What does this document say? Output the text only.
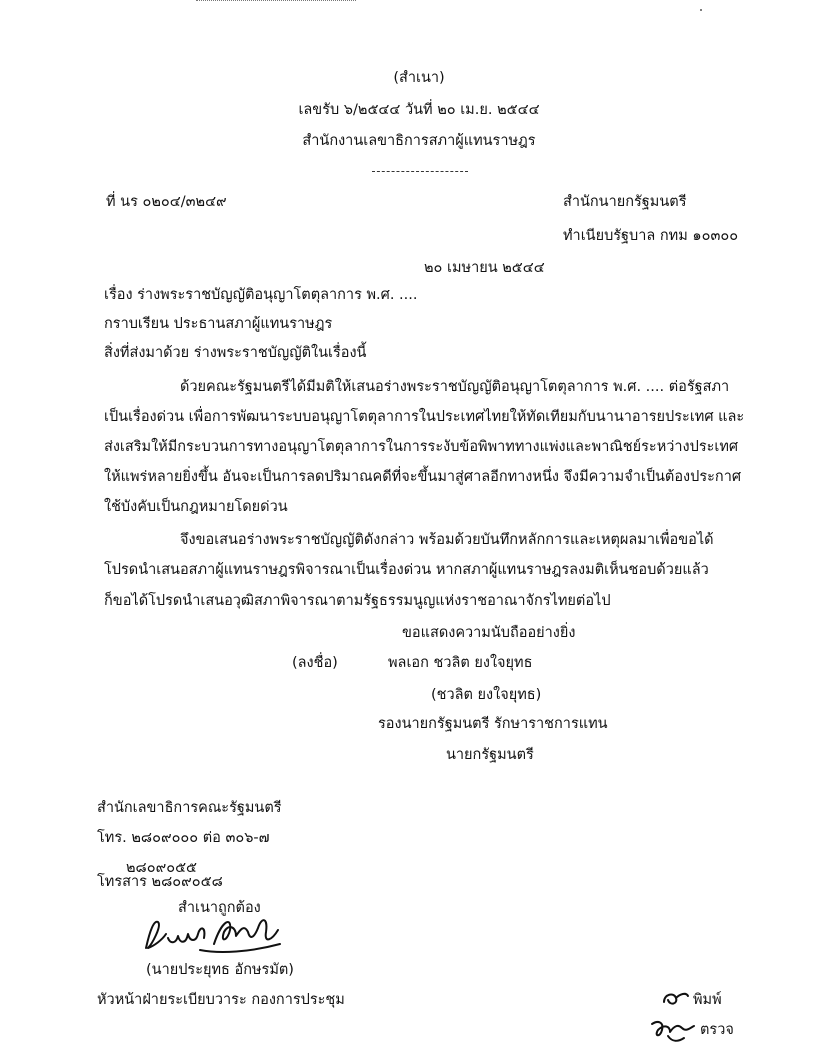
(สำเนา)
เลขรับ ๖/๒๕๔๔ วันที่ ๒๐ เม.ย. ๒๕๔๔
สำนักงานเลขาธิการสภาผู้แทนราษฎร
ที่ นร ๐๒๐๔/๓๒๔๙	สำนักนายกรัฐมนตรี
ทำเนียบรัฐบาล กทม ๑๐๓๐๐
๒๐ เมษายน ๒๕๔๔
เรื่อง ร่างพระราชบัญญัติอนุญาโตตุลาการ พ.ศ. ....
กราบเรียน ประธานสภาผู้แทนราษฎร
สิ่งที่ส่งมาด้วย ร่างพระราชบัญญัติในเรื่องนี้
ด้วยคณะรัฐมนตรีได้มีมติให้เสนอร่างพระราชบัญญัติอนุญาโตตุลาการ พ.ศ. .... ต่อรัฐสภา
เป็นเรื่องด่วน เพื่อการพัฒนาระบบอนุญาโตตุลาการในประเทศไทยให้ทัดเทียมกับนานาอารยประเทศ และ
ส่งเสริมให้มีกระบวนการทางอนุญาโตตุลาการในการระงับข้อพิพาททางแพ่งและพาณิชย์ระหว่างประเทศ
ให้แพร่หลายยิ่งขึ้น อันจะเป็นการลดปริมาณคดีที่จะขึ้นมาสู่ศาลอีกทางหนึ่ง จึงมีความจำเป็นต้องประกาศ
ใช้บังคับเป็นกฎหมายโดยด่วน
จึงขอเสนอร่างพระราชบัญญัติดังกล่าว พร้อมด้วยบันทึกหลักการและเหตุผลมาเพื่อขอได้
โปรดนำเสนอสภาผู้แทนราษฎรพิจารณาเป็นเรื่องด่วน หากสภาผู้แทนราษฎรลงมติเห็นชอบด้วยแล้ว
ก็ขอได้โปรดนำเสนอวุฒิสภาพิจารณาตามรัฐธรรมนูญแห่งราชอาณาจักรไทยต่อไป
ขอแสดงความนับถืออย่างยิ่ง
(ลงชื่อ)	พลเอก ชวลิต ยงใจยุทธ
(ชวลิต ยงใจยุทธ)
รองนายกรัฐมนตรี รักษาราชการแทน
นายกรัฐมนตรี
สำนักเลขาธิการคณะรัฐมนตรี
โทร. ๒๘๐๙๐๐๐ ต่อ ๓๐๖-๗
๒๘๐๙๐๕๕
โทรสาร ๒๘๐๙๐๕๘
สำเนาถูกต้อง
(นายประยุทธ อักษรมัต)
หัวหน้าฝ่ายระเบียบวาระ กองการประชุม	พิมพ์
ตรวจ
